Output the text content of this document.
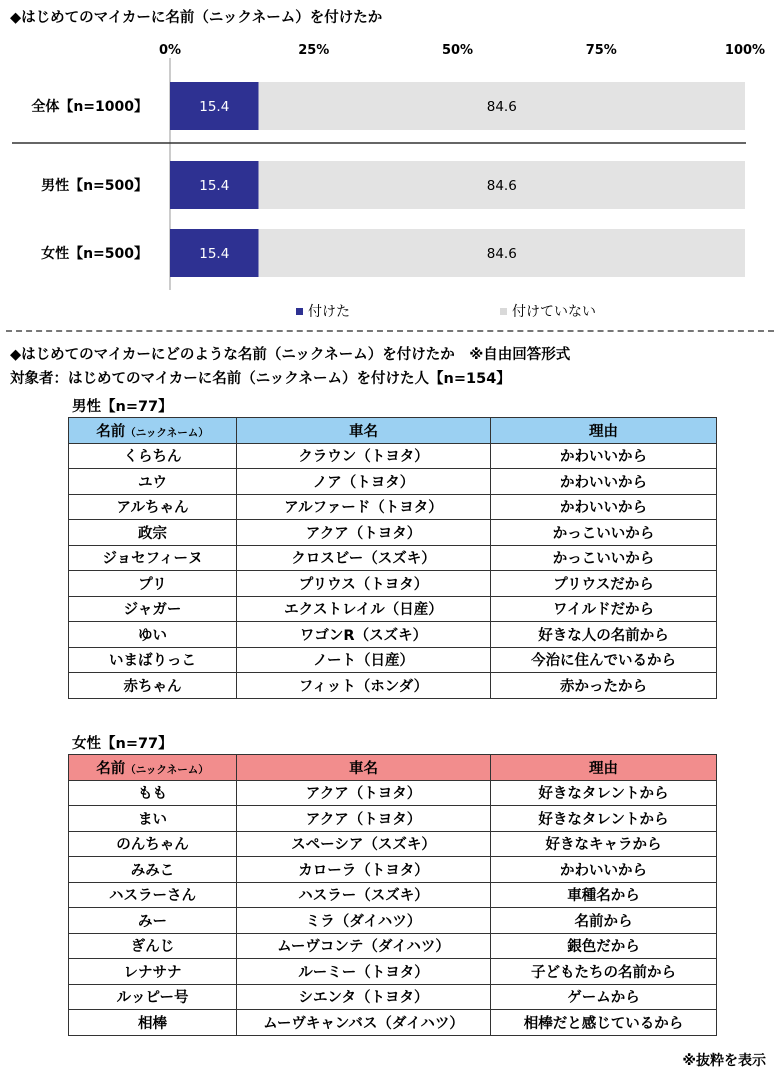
◆はじめてのマイカーに名前（ニックネーム）を付けたか
0%	25%	50%	75%	100%
全体【n=1000】	15.4	84.6
男性【n=500】	15.4	84.6
女性【n=500】	15.4	84.6
付けた	付けていない
◆はじめてのマイカーにどのような名前（ニックネーム）を付けたか　※自由回答形式
対象者：はじめてのマイカーに名前（ニックネーム）を付けた人【n=154】
男性【n=77】
名前（ニックネーム）	車名	理由
くらちん	クラウン（トヨタ）	かわいいから
ユウ	ノア（トヨタ）	かわいいから
アルちゃん	アルファード（トヨタ）	かわいいから
政宗	アクア（トヨタ）	かっこいいから
ジョセフィーヌ	クロスビー（スズキ）	かっこいいから
プリ	プリウス（トヨタ）	プリウスだから
ジャガー	エクストレイル（日産）	ワイルドだから
ゆい	ワゴンR（スズキ）	好きな人の名前から
いまばりっこ	ノート（日産）	今治に住んでいるから
赤ちゃん	フィット（ホンダ）	赤かったから
女性【n=77】
名前（ニックネーム）	車名	理由
もも	アクア（トヨタ）	好きなタレントから
まい	アクア（トヨタ）	好きなタレントから
のんちゃん	スペーシア（スズキ）	好きなキャラから
みみこ	カローラ（トヨタ）	かわいいから
ハスラーさん	ハスラー（スズキ）	車種名から
みー	ミラ（ダイハツ）	名前から
ぎんじ	ムーヴコンテ（ダイハツ）	銀色だから
レナサナ	ルーミー（トヨタ）	子どもたちの名前から
ルッピー号	シエンタ（トヨタ）	ゲームから
相棒	ムーヴキャンバス（ダイハツ）	相棒だと感じているから
※抜粋を表示
